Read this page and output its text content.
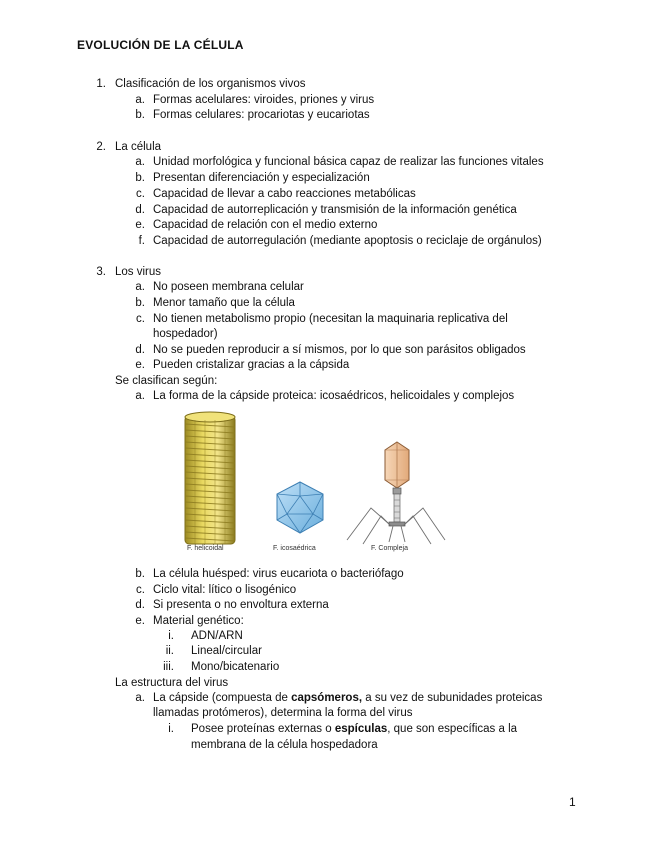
EVOLUCIÓN DE LA CÉLULA
1. Clasificación de los organismos vivos
a. Formas acelulares: viroides, priones y virus
b. Formas celulares: procariotas y eucariotas
2. La célula
a. Unidad morfológica y funcional básica capaz de realizar las funciones vitales
b. Presentan diferenciación y especialización
c. Capacidad de llevar a cabo reacciones metabólicas
d. Capacidad de autorreplicación y transmisión de la información genética
e. Capacidad de relación con el medio externo
f. Capacidad de autorregulación (mediante apoptosis o reciclaje de orgánulos)
3. Los virus
a. No poseen membrana celular
b. Menor tamaño que la célula
c. No tienen metabolismo propio (necesitan la maquinaria replicativa del
hospedador)
d. No se pueden reproducir a sí mismos, por lo que son parásitos obligados
e. Pueden cristalizar gracias a la cápsida
Se clasifican según:
a. La forma de la cápside proteica: icosaédricos, helicoidales y complejos
F. helicoidal	F. icosaédrica	F. Compleja
b. La célula huésped: virus eucariota o bacteriófago
c. Ciclo vital: lítico o lisogénico
d. Si presenta o no envoltura externa
e. Material genético:
i. ADN/ARN
ii. Lineal/circular
iii. Mono/bicatenario
La estructura del virus
a. La cápside (compuesta de capsómeros, a su vez de subunidades proteicas
llamadas protómeros), determina la forma del virus
i. Posee proteínas externas o espículas, que son específicas a la
membrana de la célula hospedadora
1
